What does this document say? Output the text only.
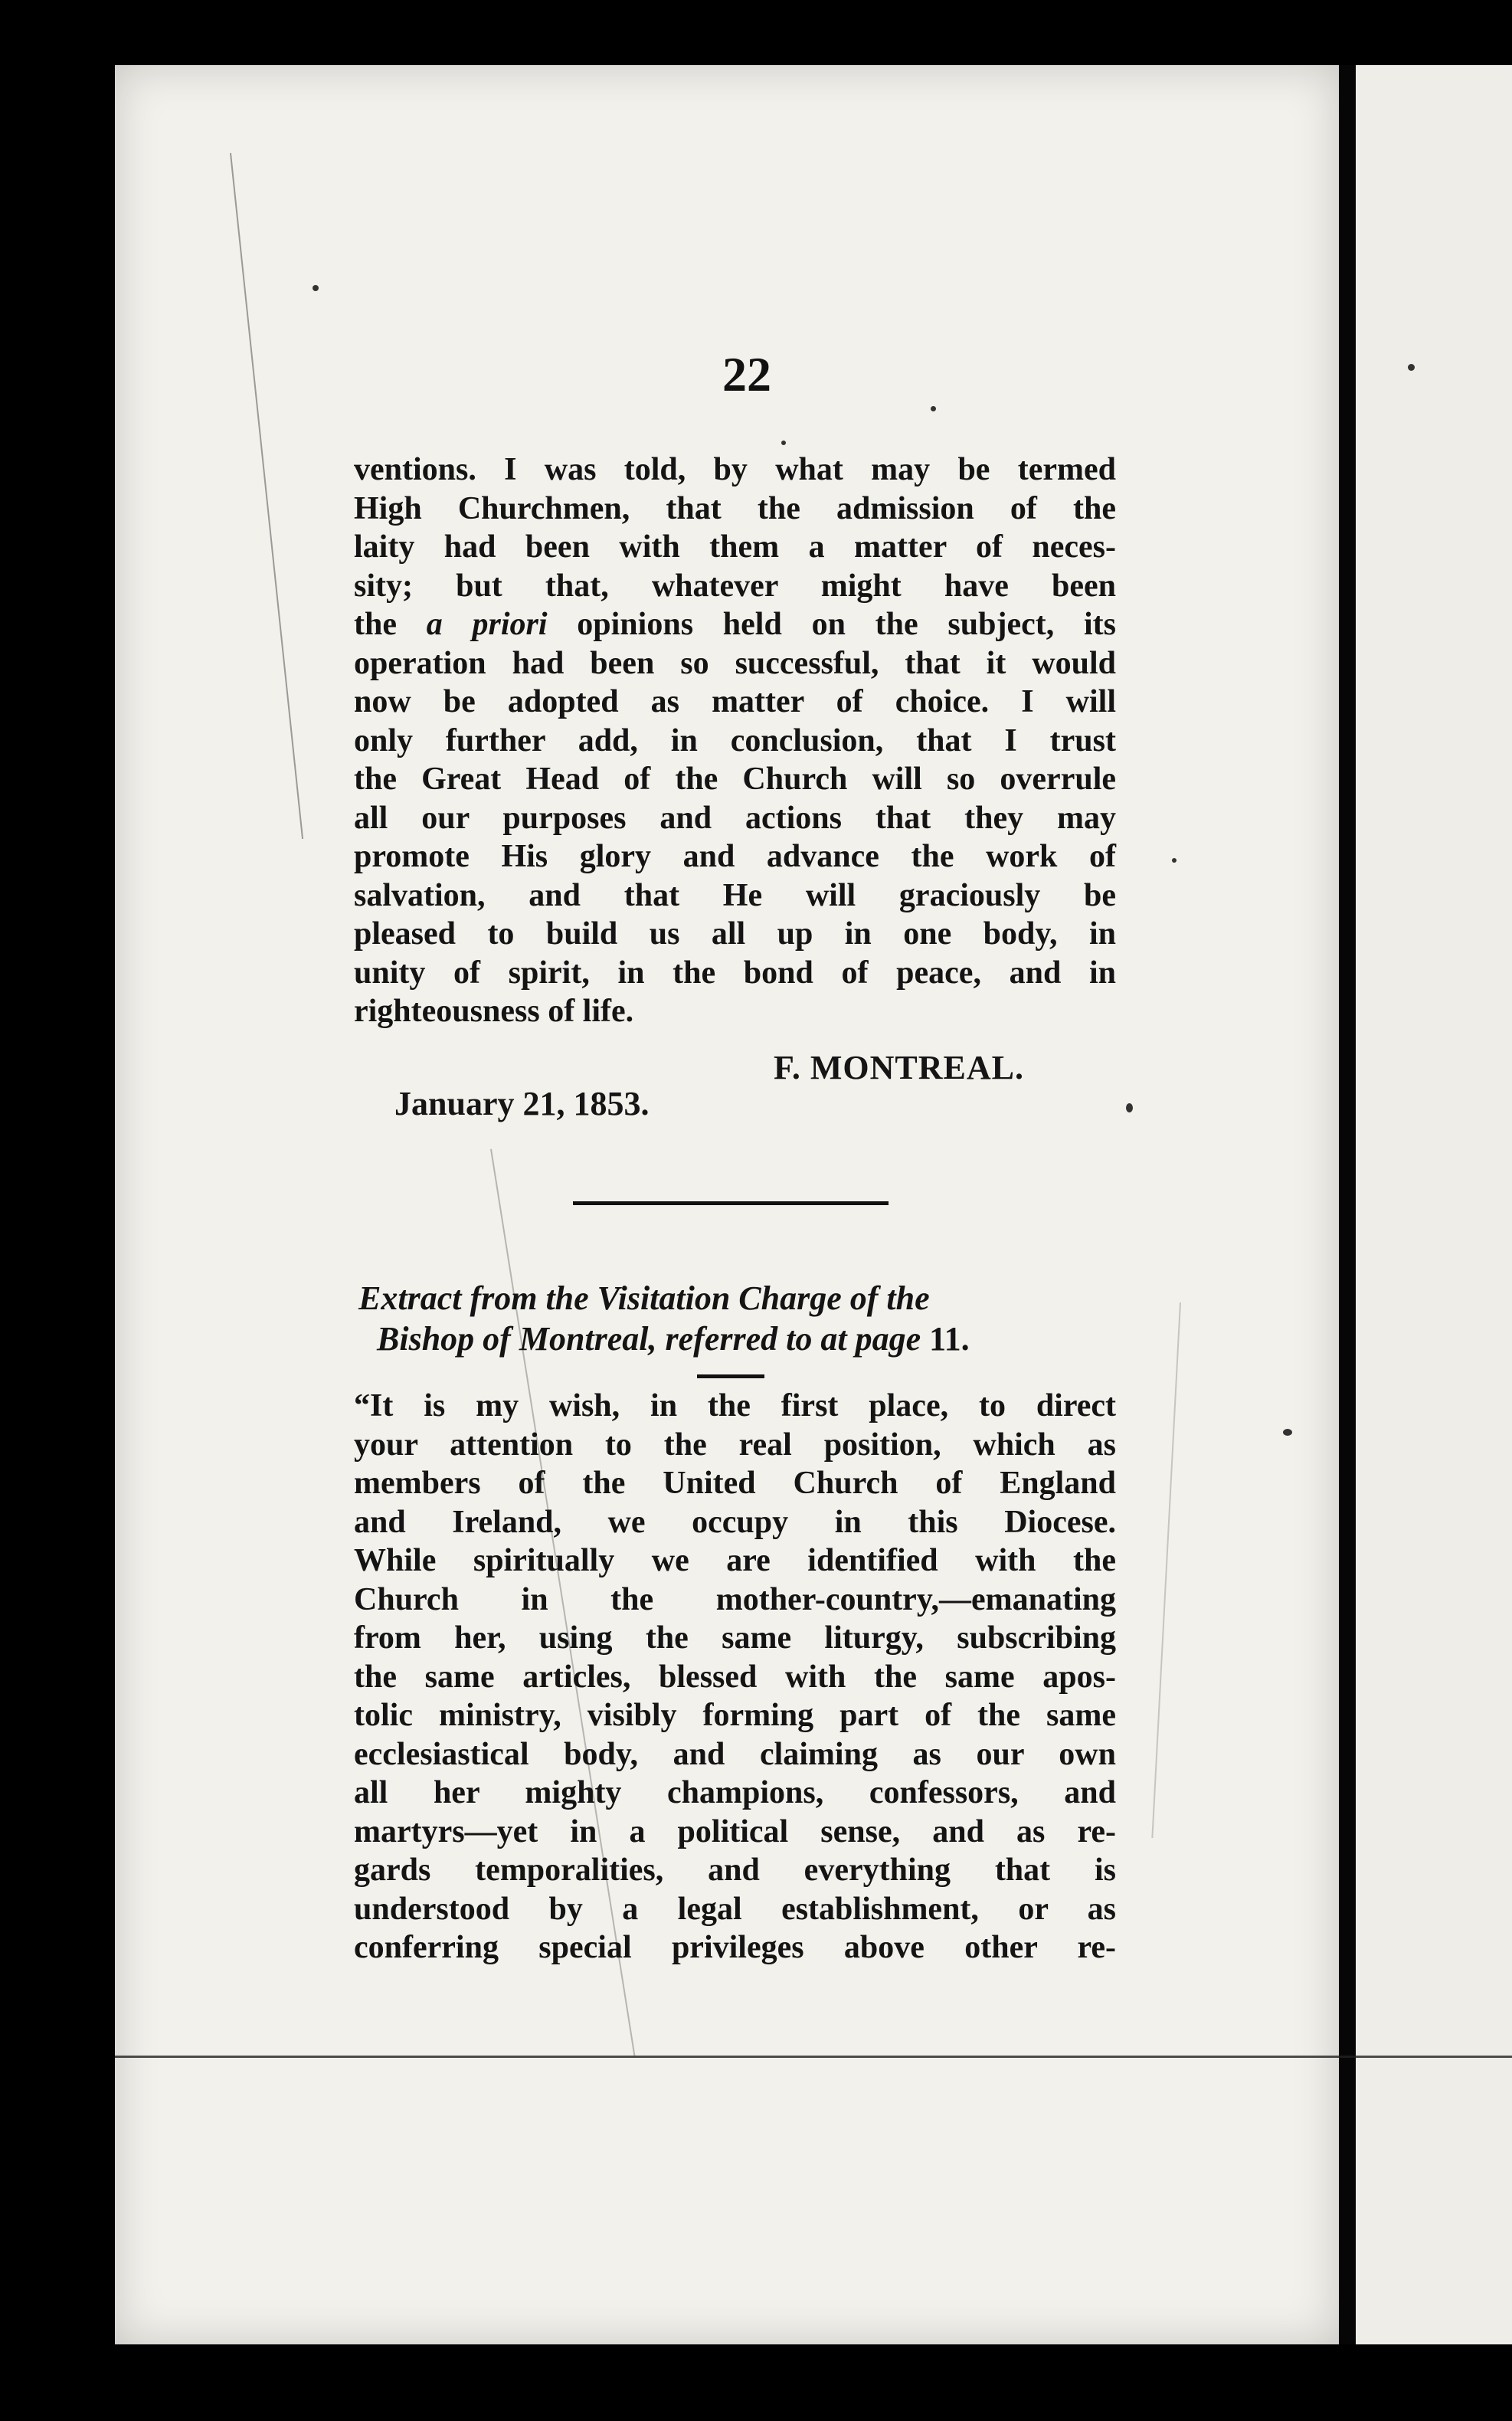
22
ventions. I was told, by what may be termed
High Churchmen, that the admission of the
laity had been with them a matter of neces-
sity; but that, whatever might have been
the a priori opinions held on the subject, its
operation had been so successful, that it would
now be adopted as matter of choice. I will
only further add, in conclusion, that I trust
the Great Head of the Church will so overrule
all our purposes and actions that they may
promote His glory and advance the work of
salvation, and that He will graciously be
pleased to build us all up in one body, in
unity of spirit, in the bond of peace, and in
righteousness of life.
F. MONTREAL.
January 21, 1853.
Extract from the Visitation Charge of the
Bishop of Montreal, referred to at page 11.
“It is my wish, in the first place, to direct
your attention to the real position, which as
members of the United Church of England
and Ireland, we occupy in this Diocese.
While spiritually we are identified with the
Church in the mother-country,—emanating
from her, using the same liturgy, subscribing
the same articles, blessed with the same apos-
tolic ministry, visibly forming part of the same
ecclesiastical body, and claiming as our own
all her mighty champions, confessors, and
martyrs—yet in a political sense, and as re-
gards temporalities, and everything that is
understood by a legal establishment, or as
conferring special privileges above other re-
